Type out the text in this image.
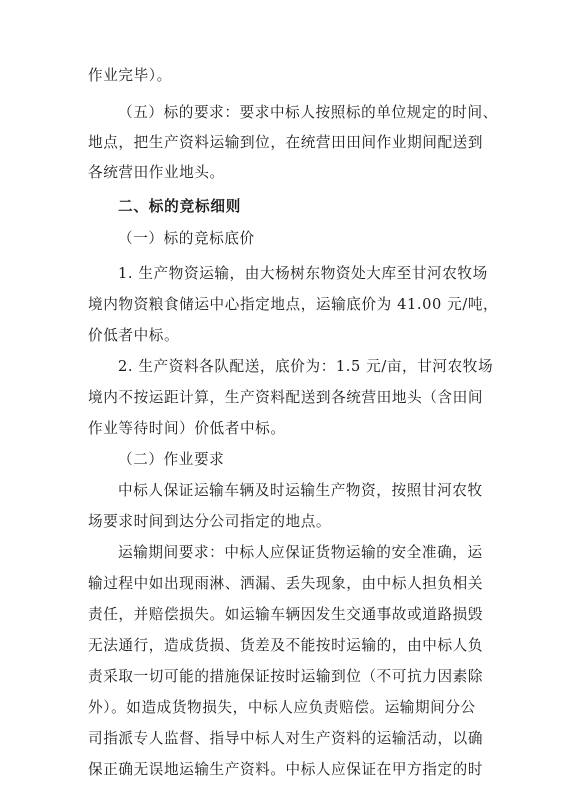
作业完毕）。
（五）标的要求：要求中标人按照标的单位规定的时间、
地点，把生产资料运输到位，在统营田田间作业期间配送到
各统营田作业地头。
二、标的竞标细则
（一）标的竞标底价
1. 生产物资运输，由大杨树东物资处大库至甘河农牧场
境内物资粮食储运中心指定地点，运输底价为 41.00 元/吨，
价低者中标。
2. 生产资料各队配送，底价为：1.5 元/亩，甘河农牧场
境内不按运距计算，生产资料配送到各统营田地头（含田间
作业等待时间）价低者中标。
（二）作业要求
中标人保证运输车辆及时运输生产物资，按照甘河农牧
场要求时间到达分公司指定的地点。
运输期间要求：中标人应保证货物运输的安全准确，运
输过程中如出现雨淋、洒漏、丢失现象，由中标人担负相关
责任，并赔偿损失。如运输车辆因发生交通事故或道路损毁
无法通行，造成货损、货差及不能按时运输的，由中标人负
责采取一切可能的措施保证按时运输到位（不可抗力因素除
外）。如造成货物损失，中标人应负责赔偿。运输期间分公
司指派专人监督、指导中标人对生产资料的运输活动，以确
保正确无误地运输生产资料。中标人应保证在甲方指定的时
